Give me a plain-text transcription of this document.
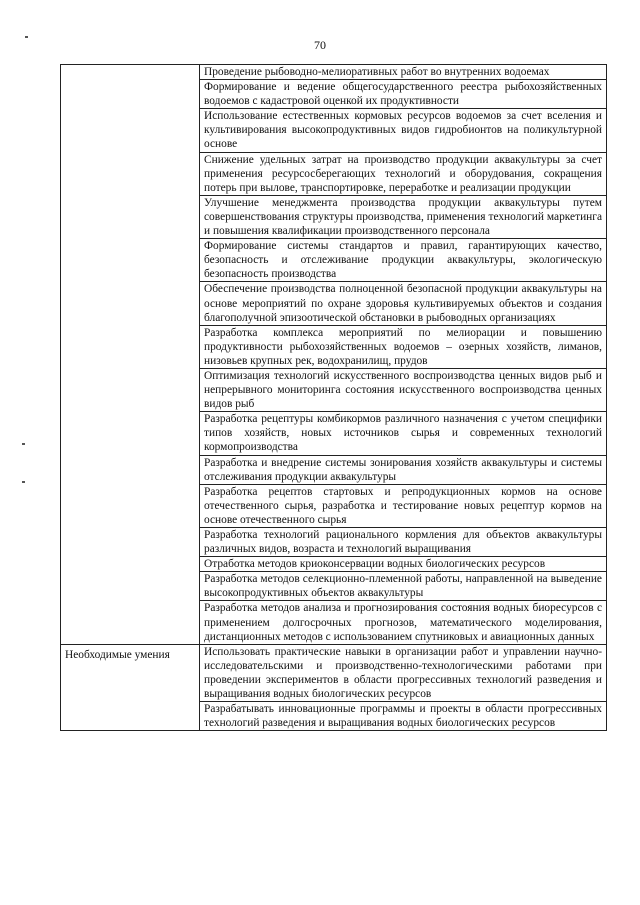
70

	Проведение рыбоводно-мелиоративных работ во внутренних водоемах

	Формирование и ведение общегосударственного реестра рыбохозяйственных водоемов с кадастровой оценкой их продуктивности

	Использование естественных кормовых ресурсов водоемов за счет вселения и культивирования высокопродуктивных видов гидробионтов на поликультурной основе

	Снижение удельных затрат на производство продукции аквакультуры за счет применения ресурсосберегающих технологий и оборудования, сокращения потерь при вылове, транспортировке, переработке и реализации продукции

	Улучшение менеджмента производства продукции аквакультуры путем совершенствования структуры производства, применения технологий маркетинга и повышения квалификации производственного персонала

	Формирование системы стандартов и правил, гарантирующих качество, безопасность и отслеживание продукции аквакультуры, экологическую безопасность производства

	Обеспечение производства полноценной безопасной продукции аквакультуры на основе мероприятий по охране здоровья культивируемых объектов и создания благополучной эпизоотической обстановки в рыбоводных организациях

	Разработка комплекса мероприятий по мелиорации и повышению продуктивности рыбохозяйственных водоемов – озерных хозяйств, лиманов, низовьев крупных рек, водохранилищ, прудов

	Оптимизация технологий искусственного воспроизводства ценных видов рыб и непрерывного мониторинга состояния искусственного воспроизводства ценных видов рыб

	Разработка рецептуры комбикормов различного назначения с учетом специфики типов хозяйств, новых источников сырья и современных технологий кормопроизводства

	Разработка и внедрение системы зонирования хозяйств аквакультуры и системы отслеживания продукции аквакультуры

	Разработка рецептов стартовых и репродукционных кормов на основе отечественного сырья, разработка и тестирование новых рецептур кормов на основе отечественного сырья

	Разработка технологий рационального кормления для объектов аквакультуры различных видов, возраста и технологий выращивания

	Отработка методов криоконсервации водных биологических ресурсов

	Разработка методов селекционно-племенной работы, направленной на выведение высокопродуктивных объектов аквакультуры

	Разработка методов анализа и прогнозирования состояния водных биоресурсов с применением долгосрочных прогнозов, математического моделирования, дистанционных методов с использованием спутниковых и авиационных данных

Необходимые умения	Использовать практические навыки в организации работ и управлении научно-исследовательскими и производственно-технологическими работами при проведении экспериментов в области прогрессивных технологий разведения и выращивания водных биологических ресурсов

	Разрабатывать инновационные программы и проекты в области прогрессивных технологий разведения и выращивания водных биологических ресурсов
